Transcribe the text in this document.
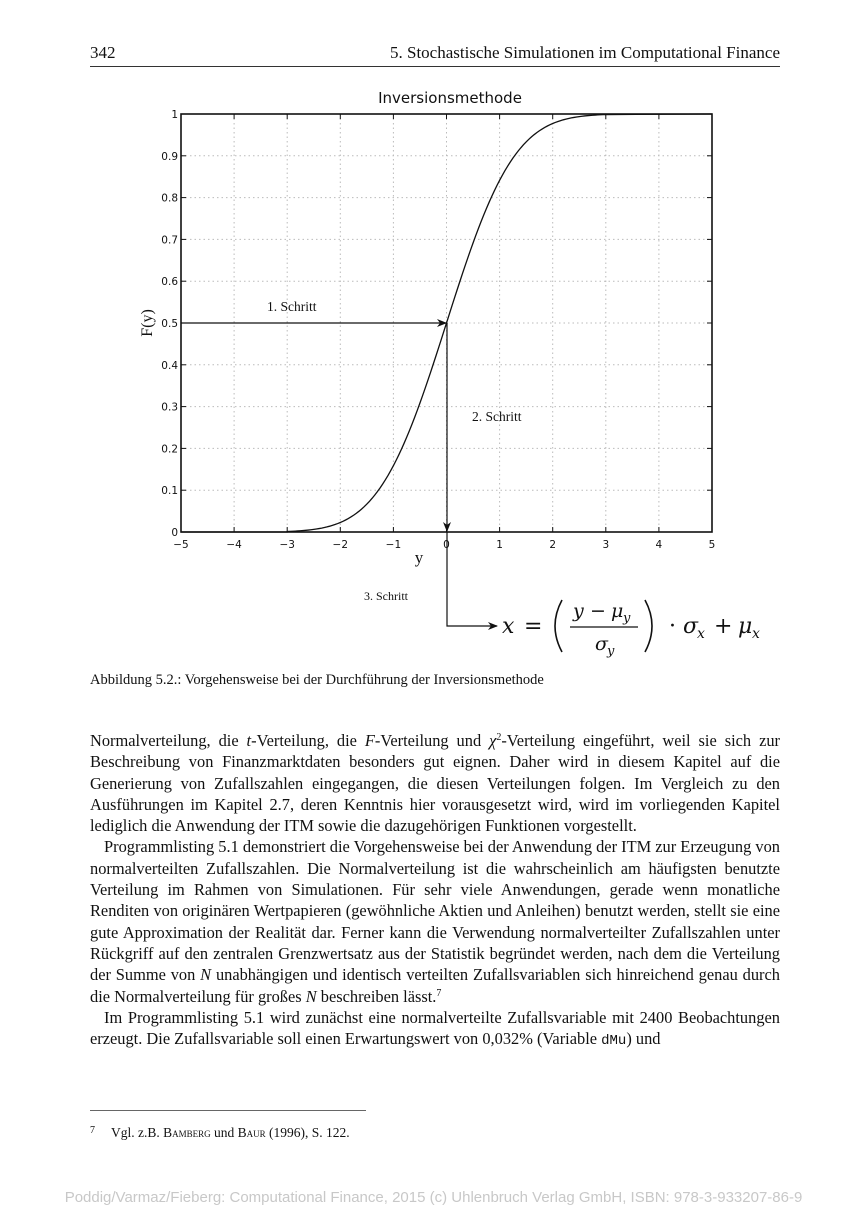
342	5. Stochastische Simulationen im Computational Finance
Inversionsmethode
−5	−4	−3	−2	−1	0	1	2	3	4	5
0
0.1
0.2
0.3
0.4
0.5
0.6
0.7
0.8
0.9
1
1. Schritt
2. Schritt
3. Schritt
y
F(y)
x =
y − μ y
σ y
· σ
x + μ x
Abbildung 5.2.: Vorgehensweise bei der Durchführung der Inversionsmethode

Normalverteilung, die t-Verteilung, die F-Verteilung und $\chi^2$-Verteilung eingeführt, weil sie sich zur Beschreibung von Finanzmarktdaten besonders gut eignen. Daher wird in diesem Kapitel auf die Generierung von Zufallszahlen eingegangen, die diesen Verteilungen folgen. Im Vergleich zu den Ausführungen im Kapitel 2.7, deren Kenntnis hier vorausgesetzt wird, wird im vorliegenden Kapitel lediglich die Anwendung der ITM sowie die dazugehörigen Funktionen vorgestellt.

Programmlisting 5.1 demonstriert die Vorgehensweise bei der Anwendung der ITM zur Erzeugung von normalverteilten Zufallszahlen. Die Normalverteilung ist die wahrscheinlich am häufigsten benutzte Verteilung im Rahmen von Simulationen. Für sehr viele Anwendungen, gerade wenn monatliche Renditen von originären Wertpapieren (gewöhnliche Aktien und Anleihen) benutzt werden, stellt sie eine gute Approximation der Realität dar. Ferner kann die Verwendung normalverteilter Zufallszahlen unter Rückgriff auf den zentralen Grenzwertsatz aus der Statistik begründet werden, nach dem die Verteilung der Summe von N unabhängigen und identisch verteilten Zufallsvariablen sich hinreichend genau durch die Normalverteilung für großes N beschreiben lässt.$^7$

Im Programmlisting 5.1 wird zunächst eine normalverteilte Zufallsvariable mit 2400 Beobachtungen erzeugt. Die Zufallsvariable soll einen Erwartungswert von 0,032% (Variable dMu) und

$^7$ Vgl. z.B. Bamberg und Baur (1996), S. 122.
Poddig/Varmaz/Fieberg: Computational Finance, 2015 (c) Uhlenbruch Verlag GmbH, ISBN: 978-3-933207-86-9
